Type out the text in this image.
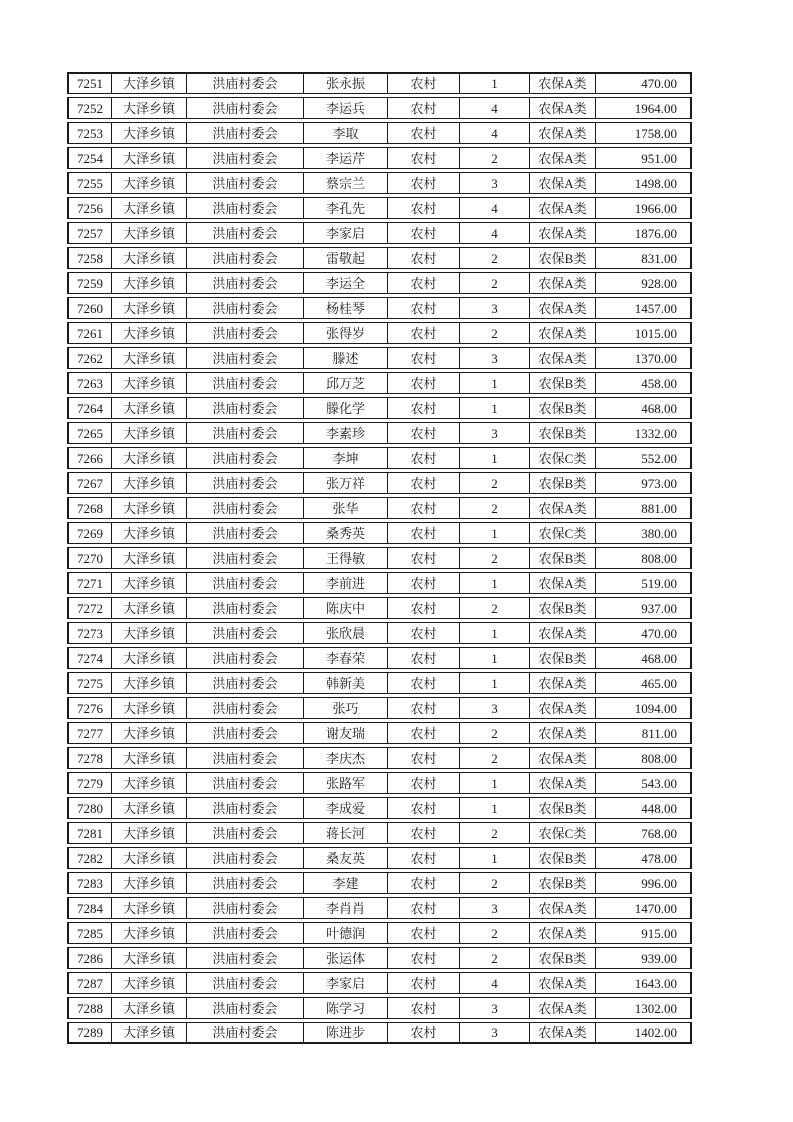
7251	大泽乡镇	洪庙村委会	张永振	农村	1	农保A类	470.00
7252	大泽乡镇	洪庙村委会	李运兵	农村	4	农保A类	1964.00
7253	大泽乡镇	洪庙村委会	李取	农村	4	农保A类	1758.00
7254	大泽乡镇	洪庙村委会	李运芹	农村	2	农保A类	951.00
7255	大泽乡镇	洪庙村委会	蔡宗兰	农村	3	农保A类	1498.00
7256	大泽乡镇	洪庙村委会	李孔先	农村	4	农保A类	1966.00
7257	大泽乡镇	洪庙村委会	李家启	农村	4	农保A类	1876.00
7258	大泽乡镇	洪庙村委会	雷敬起	农村	2	农保B类	831.00
7259	大泽乡镇	洪庙村委会	李运全	农村	2	农保A类	928.00
7260	大泽乡镇	洪庙村委会	杨桂琴	农村	3	农保A类	1457.00
7261	大泽乡镇	洪庙村委会	张得岁	农村	2	农保A类	1015.00
7262	大泽乡镇	洪庙村委会	滕述	农村	3	农保A类	1370.00
7263	大泽乡镇	洪庙村委会	邱万芝	农村	1	农保B类	458.00
7264	大泽乡镇	洪庙村委会	滕化学	农村	1	农保B类	468.00
7265	大泽乡镇	洪庙村委会	李素珍	农村	3	农保B类	1332.00
7266	大泽乡镇	洪庙村委会	李坤	农村	1	农保C类	552.00
7267	大泽乡镇	洪庙村委会	张万祥	农村	2	农保B类	973.00
7268	大泽乡镇	洪庙村委会	张华	农村	2	农保A类	881.00
7269	大泽乡镇	洪庙村委会	桑秀英	农村	1	农保C类	380.00
7270	大泽乡镇	洪庙村委会	王得敏	农村	2	农保B类	808.00
7271	大泽乡镇	洪庙村委会	李前进	农村	1	农保A类	519.00
7272	大泽乡镇	洪庙村委会	陈庆中	农村	2	农保B类	937.00
7273	大泽乡镇	洪庙村委会	张欣晨	农村	1	农保A类	470.00
7274	大泽乡镇	洪庙村委会	李春荣	农村	1	农保B类	468.00
7275	大泽乡镇	洪庙村委会	韩新美	农村	1	农保A类	465.00
7276	大泽乡镇	洪庙村委会	张巧	农村	3	农保A类	1094.00
7277	大泽乡镇	洪庙村委会	谢友瑞	农村	2	农保A类	811.00
7278	大泽乡镇	洪庙村委会	李庆杰	农村	2	农保A类	808.00
7279	大泽乡镇	洪庙村委会	张路军	农村	1	农保A类	543.00
7280	大泽乡镇	洪庙村委会	李成爱	农村	1	农保B类	448.00
7281	大泽乡镇	洪庙村委会	蒋长河	农村	2	农保C类	768.00
7282	大泽乡镇	洪庙村委会	桑友英	农村	1	农保B类	478.00
7283	大泽乡镇	洪庙村委会	李建	农村	2	农保B类	996.00
7284	大泽乡镇	洪庙村委会	李肖肖	农村	3	农保A类	1470.00
7285	大泽乡镇	洪庙村委会	叶德润	农村	2	农保A类	915.00
7286	大泽乡镇	洪庙村委会	张运体	农村	2	农保B类	939.00
7287	大泽乡镇	洪庙村委会	李家启	农村	4	农保A类	1643.00
7288	大泽乡镇	洪庙村委会	陈学习	农村	3	农保A类	1302.00
7289	大泽乡镇	洪庙村委会	陈进步	农村	3	农保A类	1402.00
